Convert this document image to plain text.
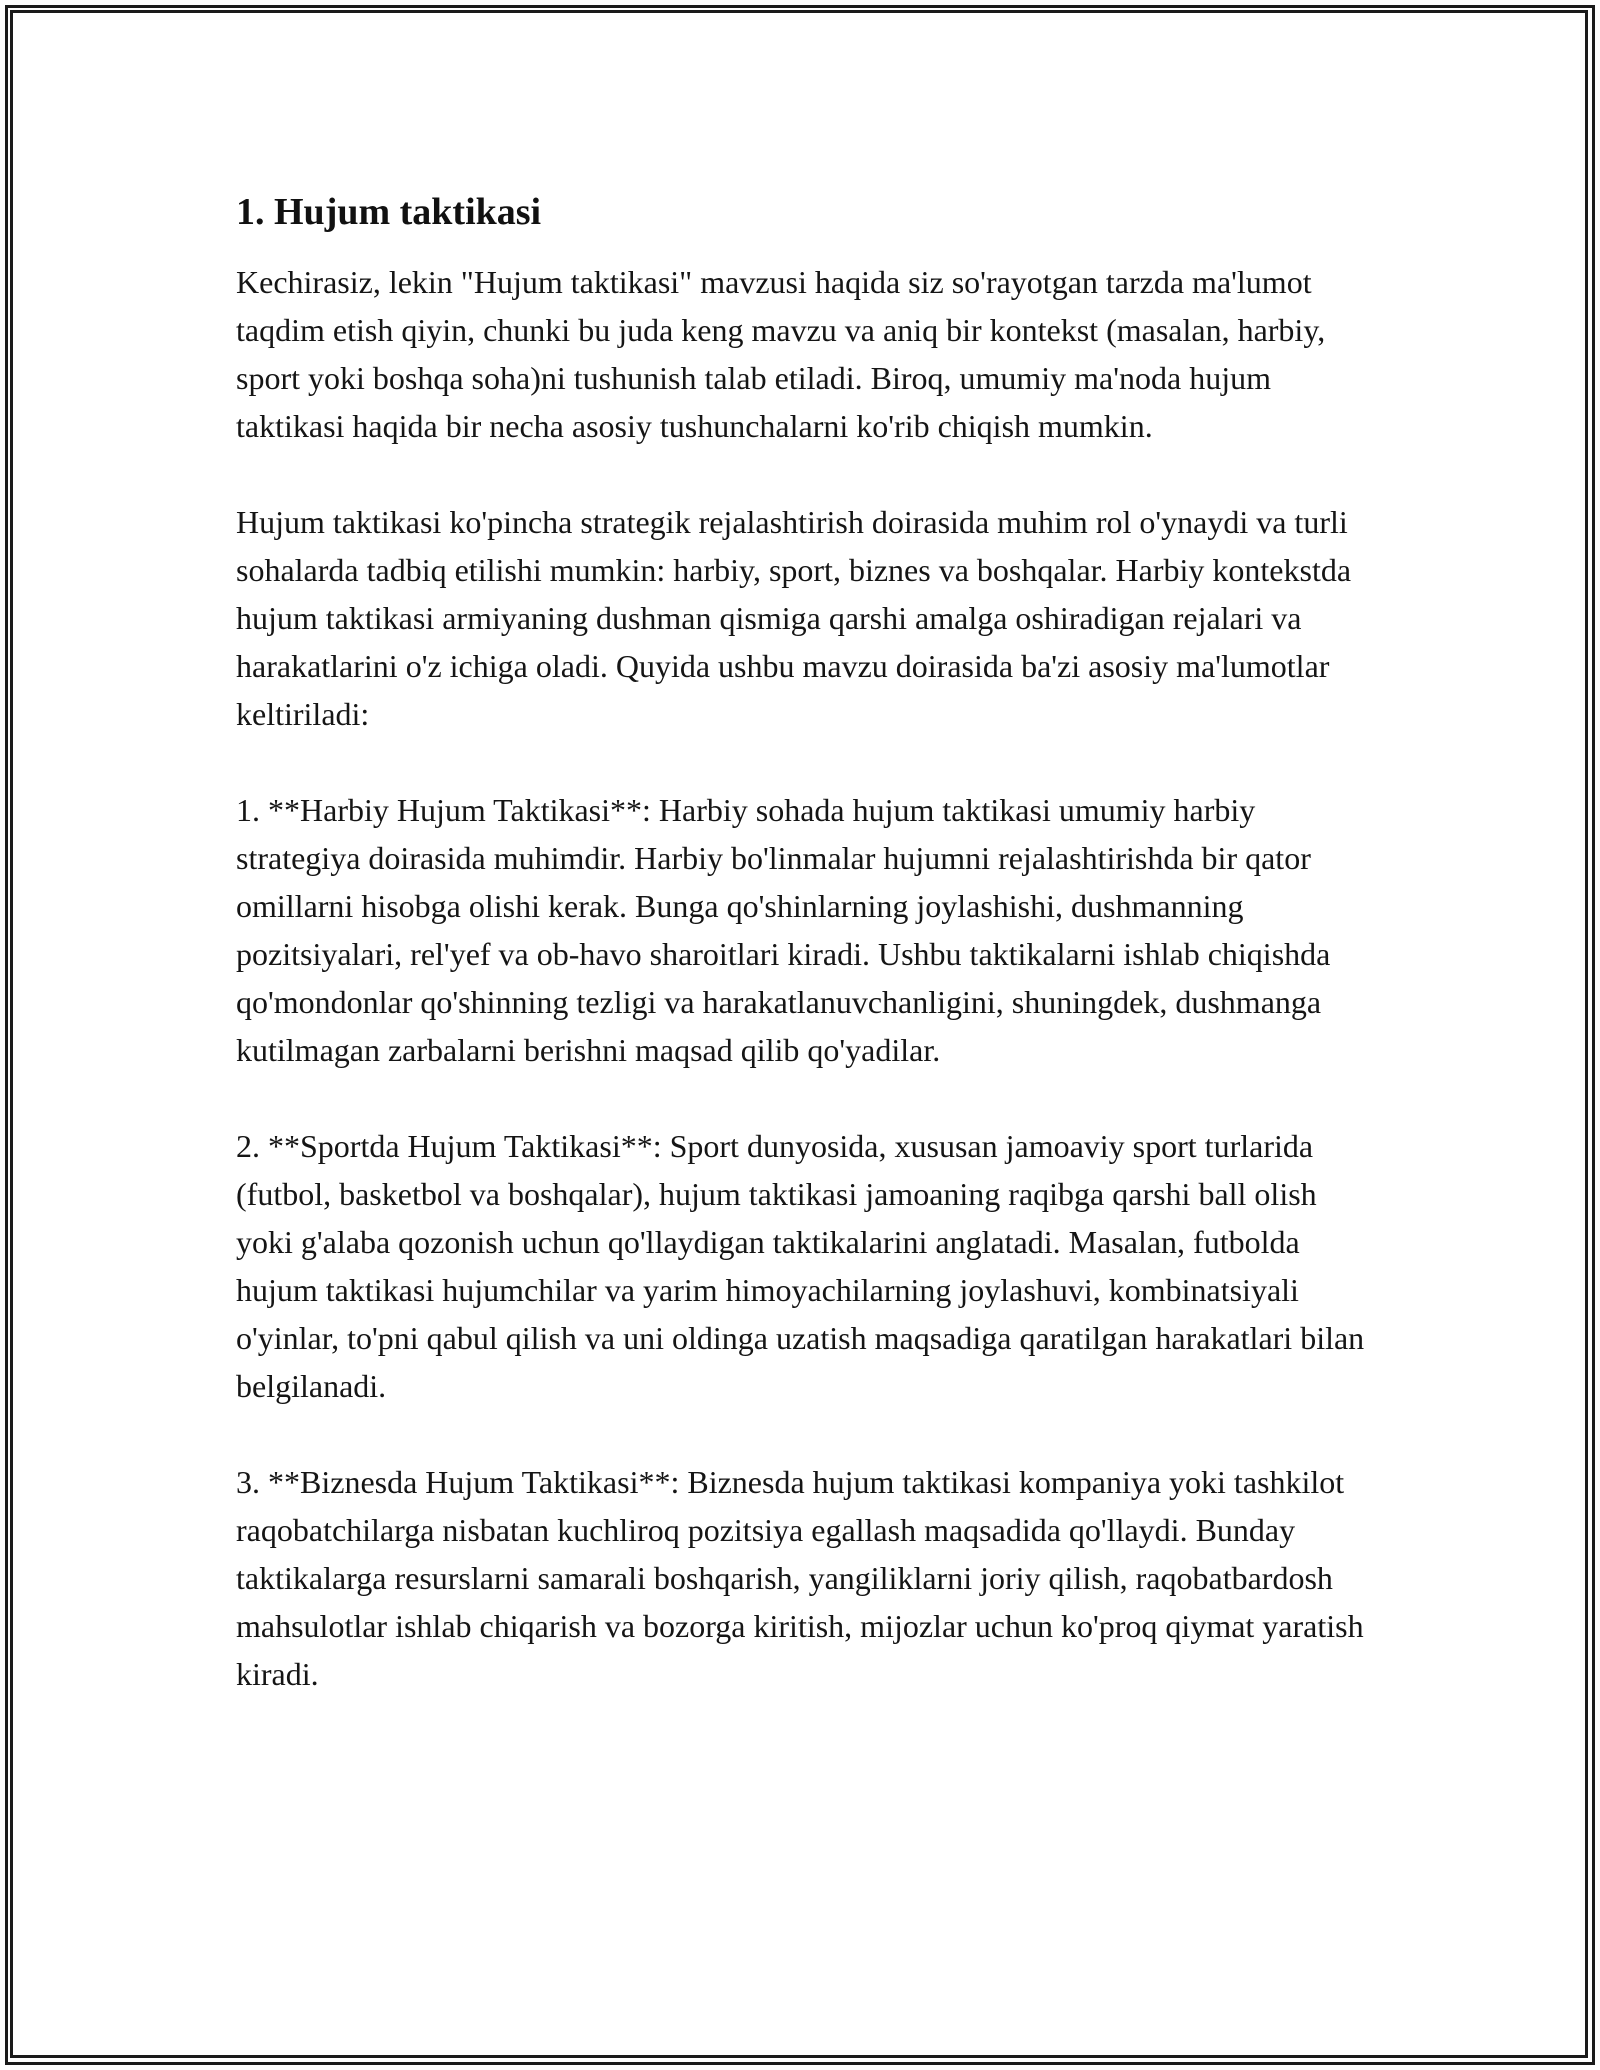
1. Hujum taktikasi

Kechirasiz, lekin "Hujum taktikasi" mavzusi haqida siz so'rayotgan tarzda ma'lumot taqdim etish qiyin, chunki bu juda keng mavzu va aniq bir kontekst (masalan, harbiy, sport yoki boshqa soha)ni tushunish talab etiladi. Biroq, umumiy ma'noda hujum taktikasi haqida bir necha asosiy tushunchalarni ko'rib chiqish mumkin.

Hujum taktikasi ko'pincha strategik rejalashtirish doirasida muhim rol o'ynaydi va turli sohalarda tadbiq etilishi mumkin: harbiy, sport, biznes va boshqalar. Harbiy kontekstda hujum taktikasi armiyaning dushman qismiga qarshi amalga oshiradigan rejalari va harakatlarini o'z ichiga oladi. Quyida ushbu mavzu doirasida ba'zi asosiy ma'lumotlar keltiriladi:

1. **Harbiy Hujum Taktikasi**: Harbiy sohada hujum taktikasi umumiy harbiy strategiya doirasida muhimdir. Harbiy bo'linmalar hujumni rejalashtirishda bir qator omillarni hisobga olishi kerak. Bunga qo'shinlarning joylashishi, dushmanning pozitsiyalari, rel'yef va ob-havo sharoitlari kiradi. Ushbu taktikalarni ishlab chiqishda qo'mondonlar qo'shinning tezligi va harakatlanuvchanligini, shuningdek, dushmanga kutilmagan zarbalarni berishni maqsad qilib qo'yadilar.

2. **Sportda Hujum Taktikasi**: Sport dunyosida, xususan jamoaviy sport turlarida (futbol, basketbol va boshqalar), hujum taktikasi jamoaning raqibga qarshi ball olish yoki g'alaba qozonish uchun qo'llaydigan taktikalarini anglatadi. Masalan, futbolda hujum taktikasi hujumchilar va yarim himoyachilarning joylashuvi, kombinatsiyali o'yinlar, to'pni qabul qilish va uni oldinga uzatish maqsadiga qaratilgan harakatlari bilan belgilanadi.

3. **Biznesda Hujum Taktikasi**: Biznesda hujum taktikasi kompaniya yoki tashkilot raqobatchilarga nisbatan kuchliroq pozitsiya egallash maqsadida qo'llaydi. Bunday taktikalarga resurslarni samarali boshqarish, yangiliklarni joriy qilish, raqobatbardosh mahsulotlar ishlab chiqarish va bozorga kiritish, mijozlar uchun ko'proq qiymat yaratish kiradi.
